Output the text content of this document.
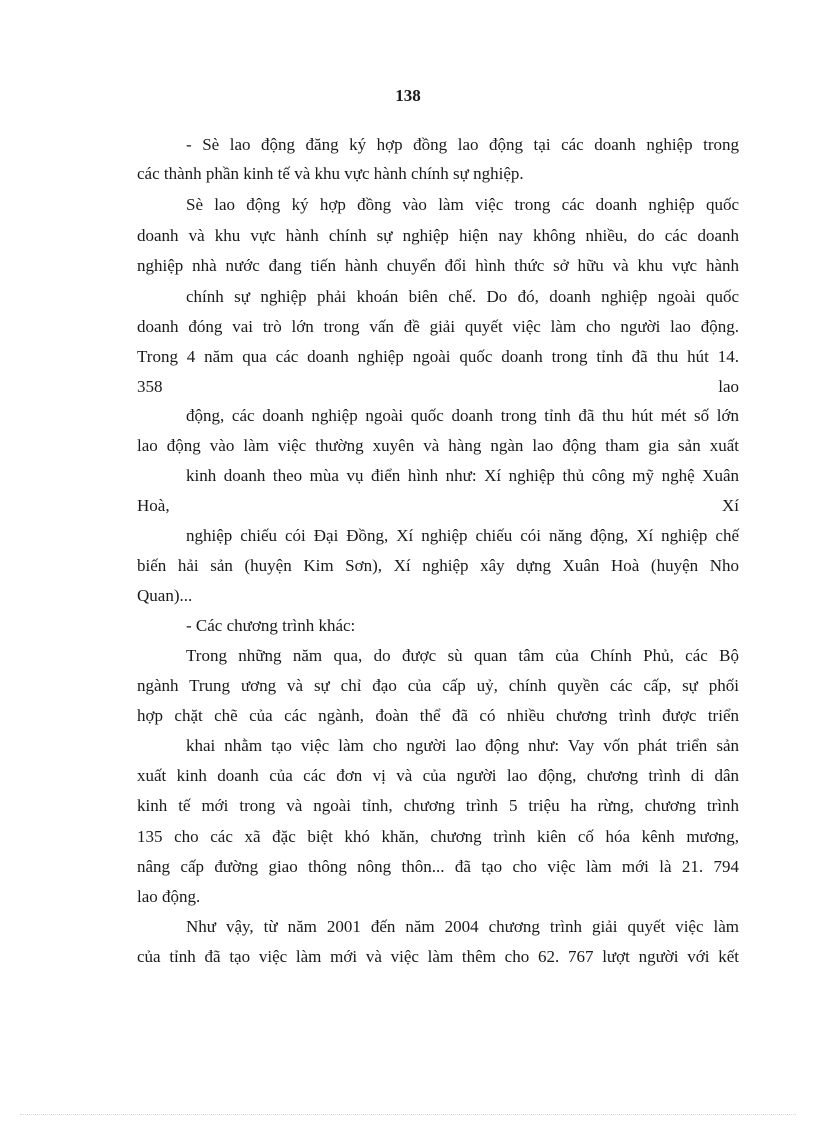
138
- Sè lao động đăng ký hợp đồng lao động tại các doanh nghiệp trong
các thành phần kinh tế và khu vực hành chính sự nghiệp.
Sè lao động ký hợp đồng vào làm việc trong các doanh nghiệp quốc
doanh và khu vực hành chính sự nghiệp hiện nay không nhiều, do các doanh
nghiệp nhà nước đang tiến hành chuyển đổi hình thức sở hữu và khu vực hành
chính sự nghiệp phải khoán biên chế. Do đó, doanh nghiệp ngoài quốc
doanh đóng vai trò lớn trong vấn đề giải quyết việc làm cho người lao động.
Trong 4 năm qua các doanh nghiệp ngoài quốc doanh trong tỉnh đã thu hút 14.
358	lao
động, các doanh nghiệp ngoài quốc doanh trong tỉnh đã thu hút mét số lớn
lao động vào làm việc thường xuyên và hàng ngàn lao động tham gia sản xuất
kinh doanh theo mùa vụ điển hình như: Xí nghiệp thủ công mỹ nghệ Xuân
Hoà,	Xí
nghiệp chiếu cói Đại Đồng, Xí nghiệp chiếu cói năng động, Xí nghiệp chế
biến hải sản (huyện Kim Sơn), Xí nghiệp xây dựng Xuân Hoà (huyện Nho
Quan)...
- Các chương trình khác:
Trong những năm qua, do được sù quan tâm của Chính Phủ, các Bộ
ngành Trung ương và sự chỉ đạo của cấp uỷ, chính quyền các cấp, sự phối
hợp chặt chẽ của các ngành, đoàn thể đã có nhiều chương trình được triển
khai nhằm tạo việc làm cho người lao động như: Vay vốn phát triển sản
xuất kinh doanh của các đơn vị và của người lao động, chương trình di dân
kinh tế mới trong và ngoài tỉnh, chương trình 5 triệu ha rừng, chương trình
135 cho các xã đặc biệt khó khăn, chương trình kiên cố hóa kênh mương,
nâng cấp đường giao thông nông thôn... đã tạo cho việc làm mới là 21. 794
lao động.
Như vậy, từ năm 2001 đến năm 2004 chương trình giải quyết việc làm
của tỉnh đã tạo việc làm mới và việc làm thêm cho 62. 767 lượt người với kết
